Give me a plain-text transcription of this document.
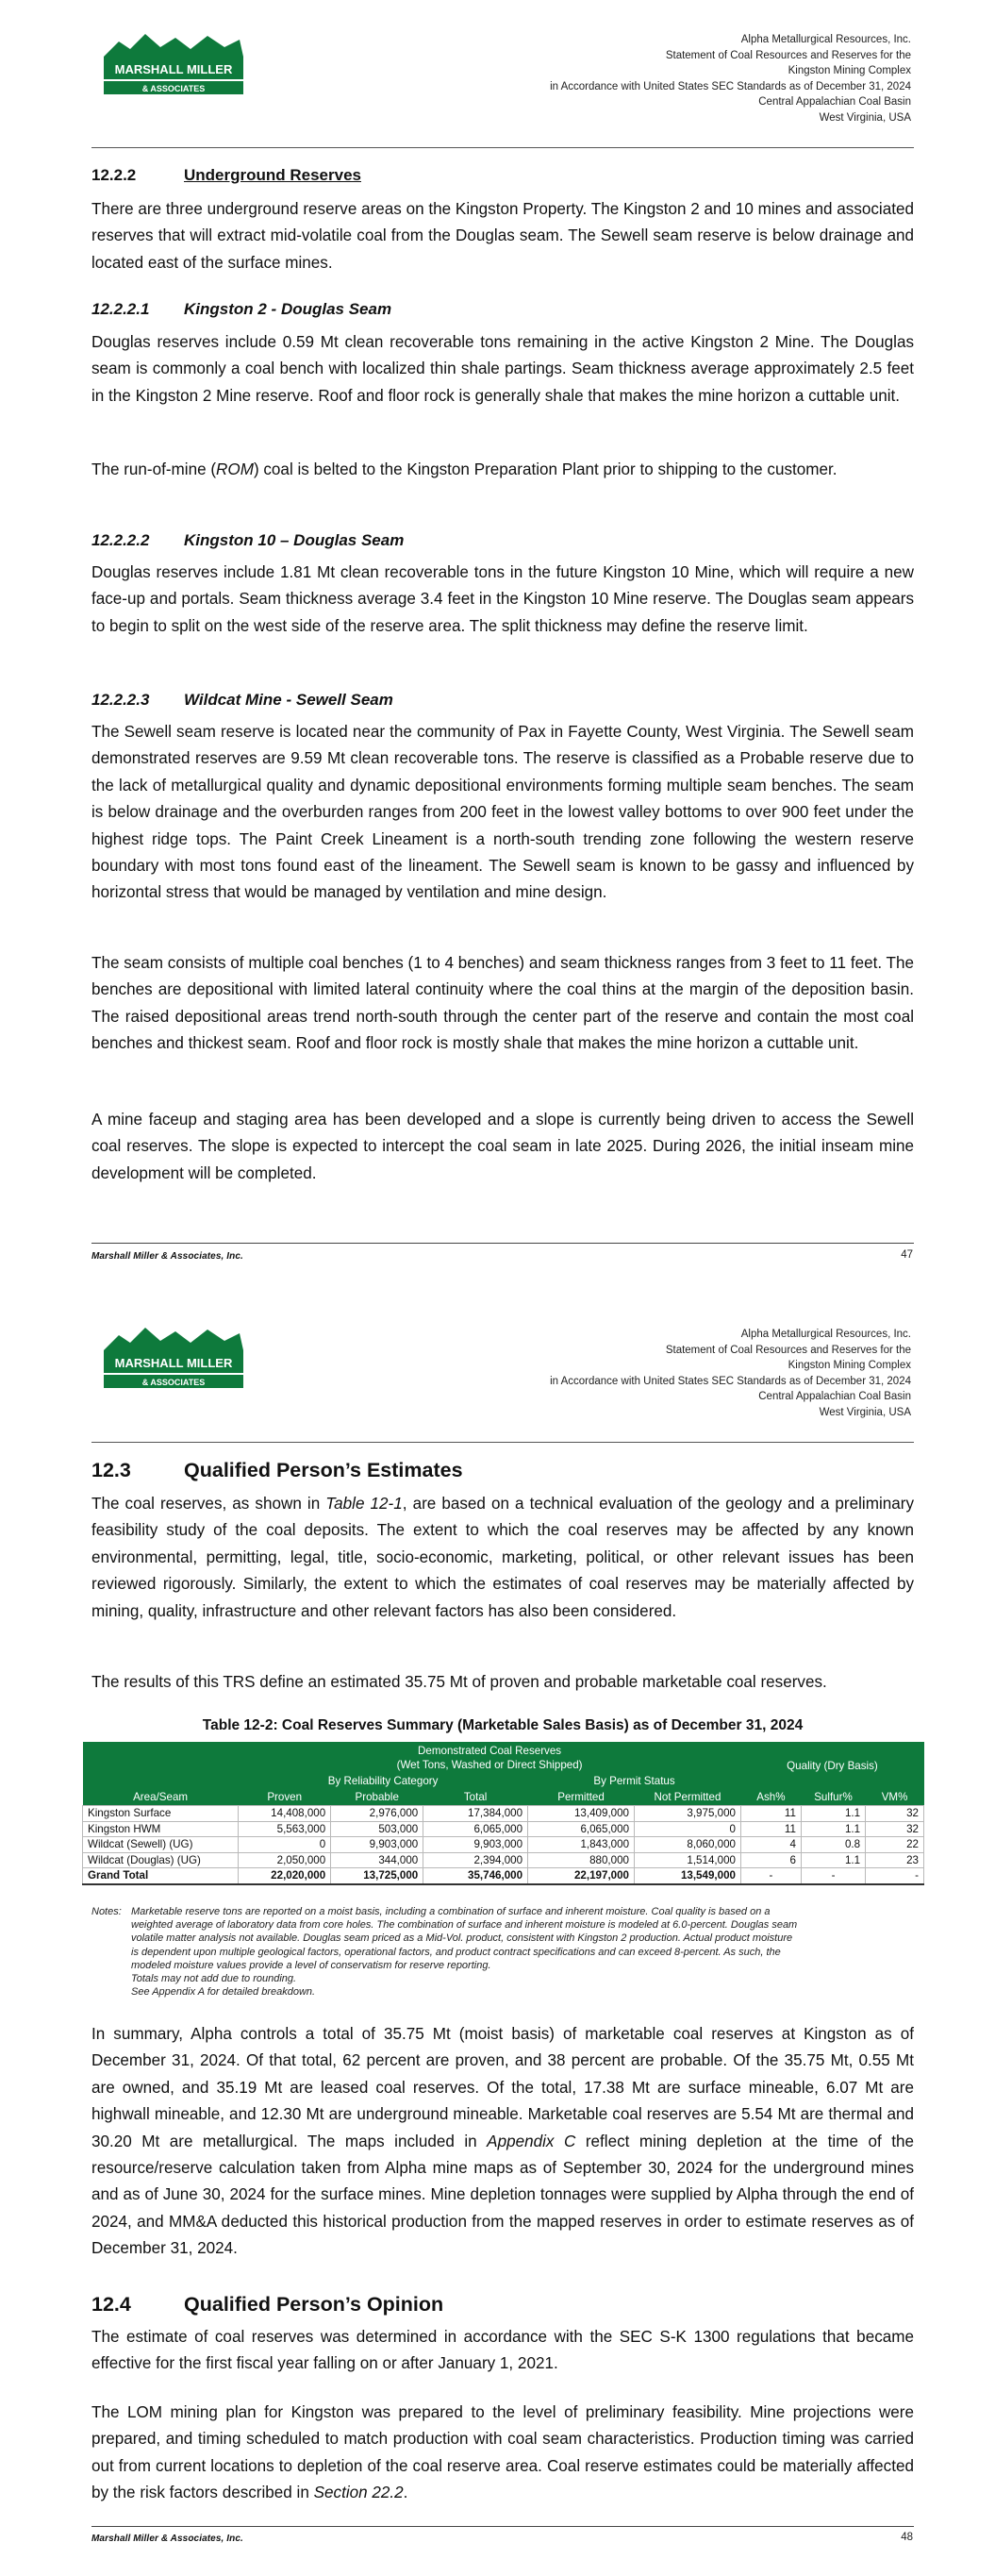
MARSHALL MILLER
& ASSOCIATES
Alpha Metallurgical Resources, Inc.
Statement of Coal Resources and Reserves for the
Kingston Mining Complex
in Accordance with United States SEC Standards as of December 31, 2024
Central Appalachian Coal Basin
West Virginia, USA
12.2.2	Underground Reserves
There are three underground reserve areas on the Kingston Property. The Kingston 2 and 10 mines and associated reserves that will extract mid-volatile coal from the Douglas seam. The Sewell seam reserve is below drainage and located east of the surface mines.
12.2.2.1 Kingston 2 - Douglas Seam
Douglas reserves include 0.59 Mt clean recoverable tons remaining in the active Kingston 2 Mine. The Douglas seam is commonly a coal bench with localized thin shale partings. Seam thickness average approximately 2.5 feet in the Kingston 2 Mine reserve. Roof and floor rock is generally shale that makes the mine horizon a cuttable unit.
The run-of-mine (ROM) coal is belted to the Kingston Preparation Plant prior to shipping to the customer.
12.2.2.2 Kingston 10 – Douglas Seam
Douglas reserves include 1.81 Mt clean recoverable tons in the future Kingston 10 Mine, which will require a new face-up and portals. Seam thickness average 3.4 feet in the Kingston 10 Mine reserve. The Douglas seam appears to begin to split on the west side of the reserve area. The split thickness may define the reserve limit.
12.2.2.3 Wildcat Mine - Sewell Seam
The Sewell seam reserve is located near the community of Pax in Fayette County, West Virginia. The Sewell seam demonstrated reserves are 9.59 Mt clean recoverable tons. The reserve is classified as a Probable reserve due to the lack of metallurgical quality and dynamic depositional environments forming multiple seam benches. The seam is below drainage and the overburden ranges from 200 feet in the lowest valley bottoms to over 900 feet under the highest ridge tops. The Paint Creek Lineament is a north-south trending zone following the western reserve boundary with most tons found east of the lineament. The Sewell seam is known to be gassy and influenced by horizontal stress that would be managed by ventilation and mine design.
The seam consists of multiple coal benches (1 to 4 benches) and seam thickness ranges from 3 feet to 11 feet. The benches are depositional with limited lateral continuity where the coal thins at the margin of the deposition basin. The raised depositional areas trend north-south through the center part of the reserve and contain the most coal benches and thickest seam. Roof and floor rock is mostly shale that makes the mine horizon a cuttable unit.
A mine faceup and staging area has been developed and a slope is currently being driven to access the Sewell coal reserves. The slope is expected to intercept the coal seam in late 2025. During 2026, the initial inseam mine development will be completed.
Marshall Miller & Associates, Inc.	47
MARSHALL MILLER
& ASSOCIATES
Alpha Metallurgical Resources, Inc.
Statement of Coal Resources and Reserves for the
Kingston Mining Complex
in Accordance with United States SEC Standards as of December 31, 2024
Central Appalachian Coal Basin
West Virginia, USA
12.3	Qualified Person’s Estimates
The coal reserves, as shown in Table 12-1, are based on a technical evaluation of the geology and a preliminary feasibility study of the coal deposits. The extent to which the coal reserves may be affected by any known environmental, permitting, legal, title, socio-economic, marketing, political, or other relevant issues has been reviewed rigorously. Similarly, the extent to which the estimates of coal reserves may be materially affected by mining, quality, infrastructure and other relevant factors has also been considered.
The results of this TRS define an estimated 35.75 Mt of proven and probable marketable coal reserves.
Table 12-2: Coal Reserves Summary (Marketable Sales Basis) as of December 31, 2024
	Demonstrated Coal Reserves
(Wet Tons, Washed or Direct Shipped)					Quality (Dry Basis)		
	By Reliability Category			By Permit Status				
Area/Seam	Proven	Probable	Total	Permitted	Not Permitted	Ash%	Sulfur%	VM%
Kingston Surface	14,408,000	2,976,000	17,384,000	13,409,000	3,975,000	11	1.1	32
Kingston HWM	5,563,000	503,000	6,065,000	6,065,000	0	11	1.1	32
Wildcat (Sewell) (UG)	0	9,903,000	9,903,000	1,843,000	8,060,000	4	0.8	22
Wildcat (Douglas) (UG)	2,050,000	344,000	2,394,000	880,000	1,514,000	6	1.1	23
Grand Total	22,020,000	13,725,000	35,746,000	22,197,000	13,549,000	-	-	-
Notes: Marketable reserve tons are reported on a moist basis, including a combination of surface and inherent moisture. Coal quality is based on a
weighted average of laboratory data from core holes. The combination of surface and inherent moisture is modeled at 6.0-percent. Douglas seam
volatile matter analysis not available. Douglas seam priced as a Mid-Vol. product, consistent with Kingston 2 production. Actual product moisture
is dependent upon multiple geological factors, operational factors, and product contract specifications and can exceed 8-percent. As such, the
modeled moisture values provide a level of conservatism for reserve reporting.
Totals may not add due to rounding.
See Appendix A for detailed breakdown.
In summary, Alpha controls a total of 35.75 Mt (moist basis) of marketable coal reserves at Kingston as of December 31, 2024. Of that total, 62 percent are proven, and 38 percent are probable. Of the 35.75 Mt, 0.55 Mt are owned, and 35.19 Mt are leased coal reserves. Of the total, 17.38 Mt are surface mineable, 6.07 Mt are highwall mineable, and 12.30 Mt are underground mineable. Marketable coal reserves are 5.54 Mt are thermal and 30.20 Mt are metallurgical. The maps included in Appendix C reflect mining depletion at the time of the resource/reserve calculation taken from Alpha mine maps as of September 30, 2024 for the underground mines and as of June 30, 2024 for the surface mines. Mine depletion tonnages were supplied by Alpha through the end of 2024, and MM&A deducted this historical production from the mapped reserves in order to estimate reserves as of December 31, 2024.
12.4	Qualified Person’s Opinion
The estimate of coal reserves was determined in accordance with the SEC S-K 1300 regulations that became effective for the first fiscal year falling on or after January 1, 2021.
The LOM mining plan for Kingston was prepared to the level of preliminary feasibility. Mine projections were prepared, and timing scheduled to match production with coal seam characteristics. Production timing was carried out from current locations to depletion of the coal reserve area. Coal reserve estimates could be materially affected by the risk factors described in Section 22.2.
Marshall Miller & Associates, Inc.	48
